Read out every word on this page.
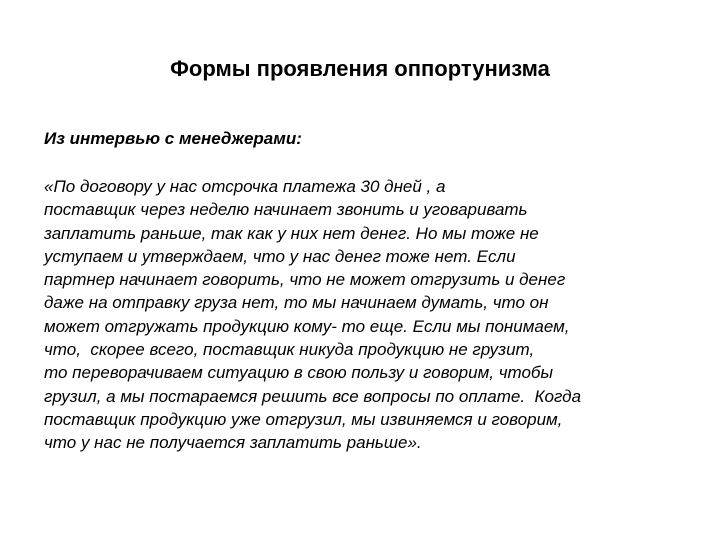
Формы проявления оппортунизма

Из интервью с менеджерами:

«По договору у нас отсрочка платежа 30 дней , а
поставщик через неделю начинает звонить и уговаривать
заплатить раньше, так как у них нет денег. Но мы тоже не
уступаем и утверждаем, что у нас денег тоже нет. Если
партнер начинает говорить, что не может отгрузить и денег
даже на отправку груза нет, то мы начинаем думать, что он
может отгружать продукцию кому- то еще. Если мы понимаем,
что,  скорее всего, поставщик никуда продукцию не грузит,
то переворачиваем ситуацию в свою пользу и говорим, чтобы
грузил, а мы постараемся решить все вопросы по оплате.  Когда
поставщик продукцию уже отгрузил, мы извиняемся и говорим,
что у нас не получается заплатить раньше».
